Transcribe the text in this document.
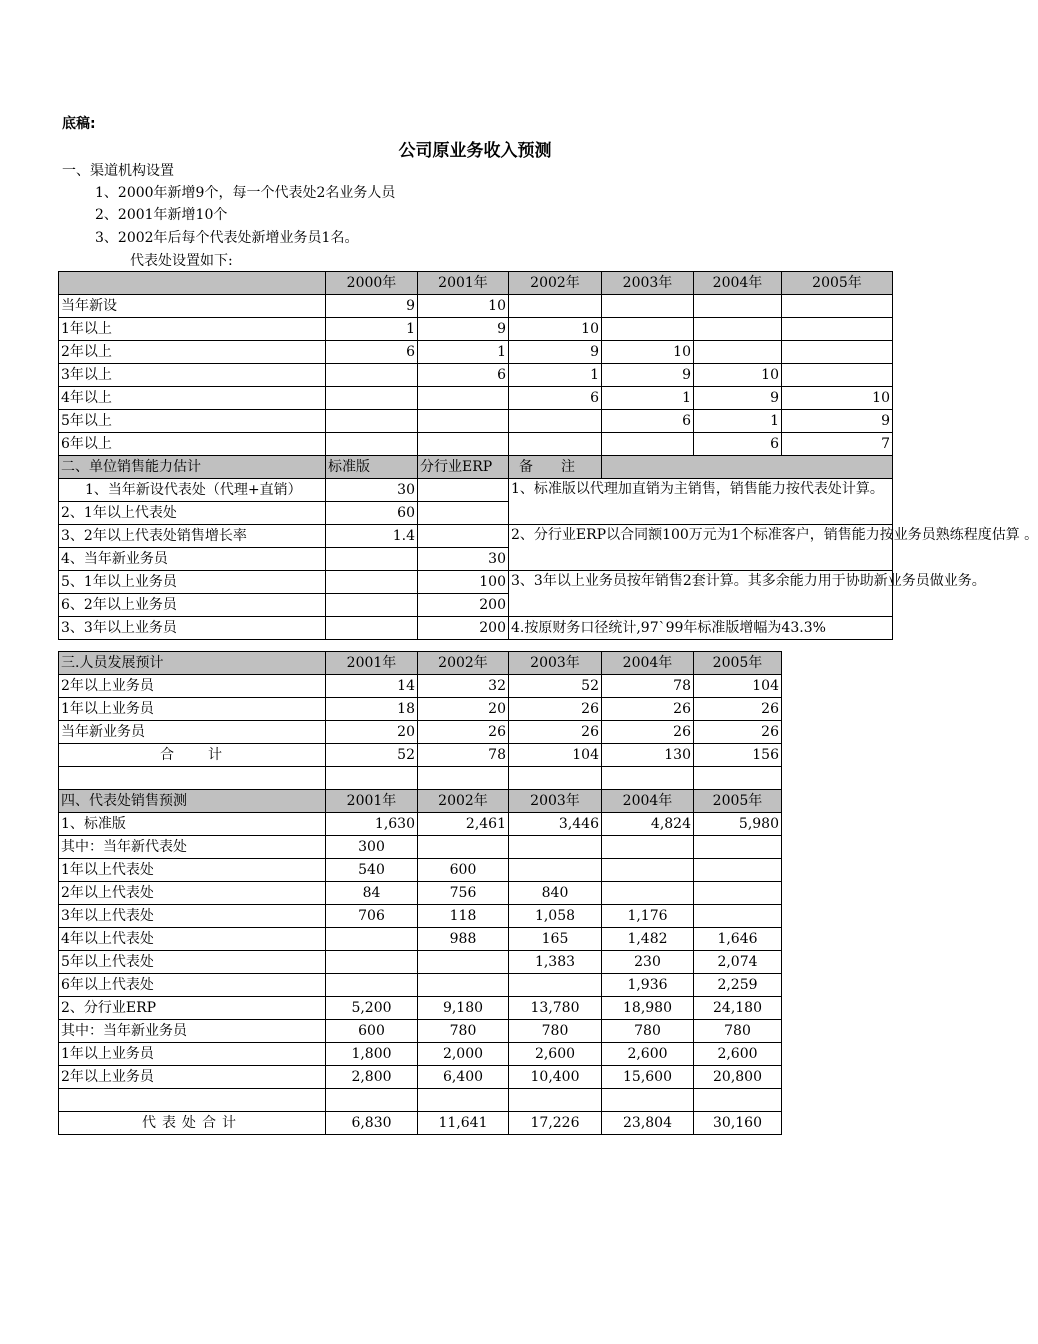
底稿:
公司原业务收入预测
一、渠道机构设置
1、2000年新增9个，每一个代表处2名业务人员
2、2001年新增10个
3、2002年后每个代表处新增业务员1名。
代表处设置如下:
	2000年	2001年	2002年	2003年	2004年	2005年
当年新设	9	10				
1年以上	1	9	10			
2年以上	6	1	9	10		
3年以上		6	1	9	10	
4年以上			6	1	9	10
5年以上				6	1	9
6年以上					6	7
二、单位销售能力估计	标准版	分行业ERP	备　　注			
1、当年新设代表处（代理+直销）	30		1、标准版以代理加直销为主销售，销售能力按代表处计算。			
2、1年以上代表处	60					
3、2年以上代表处销售增长率	1.4		2、分行业ERP以合同额100万元为1个标准客户，销售能力按业务员熟练程度估算 。			
4、当年新业务员		30				
5、1年以上业务员		100	3、3年以上业务员按年销售2套计算。其多余能力用于协助新业务员做业务。			
6、2年以上业务员		200				
3、3年以上业务员		200	4.按原财务口径统计,97`99年标准版增幅为43.3%			
三.人员发展预计	2001年	2002年	2003年	2004年	2005年
2年以上业务员	14	32	52	78	104
1年以上业务员	18	20	26	26	26
当年新业务员	20	26	26	26	26
合　　计	52	78	104	130	156

四、代表处销售预测	2001年	2002年	2003年	2004年	2005年
1、标准版	1,630	2,461	3,446	4,824	5,980
其中：当年新代表处	300				
1年以上代表处	540	600			
2年以上代表处	84	756	840		
3年以上代表处	706	118	1,058	1,176	
4年以上代表处		988	165	1,482	1,646
5年以上代表处			1,383	230	2,074
6年以上代表处				1,936	2,259
2、分行业ERP	5,200	9,180	13,780	18,980	24,180
其中：当年新业务员	600	780	780	780	780
1年以上业务员	1,800	2,000	2,600	2,600	2,600
2年以上业务员	2,800	6,400	10,400	15,600	20,800

代表处合计	6,830	11,641	17,226	23,804	30,160
